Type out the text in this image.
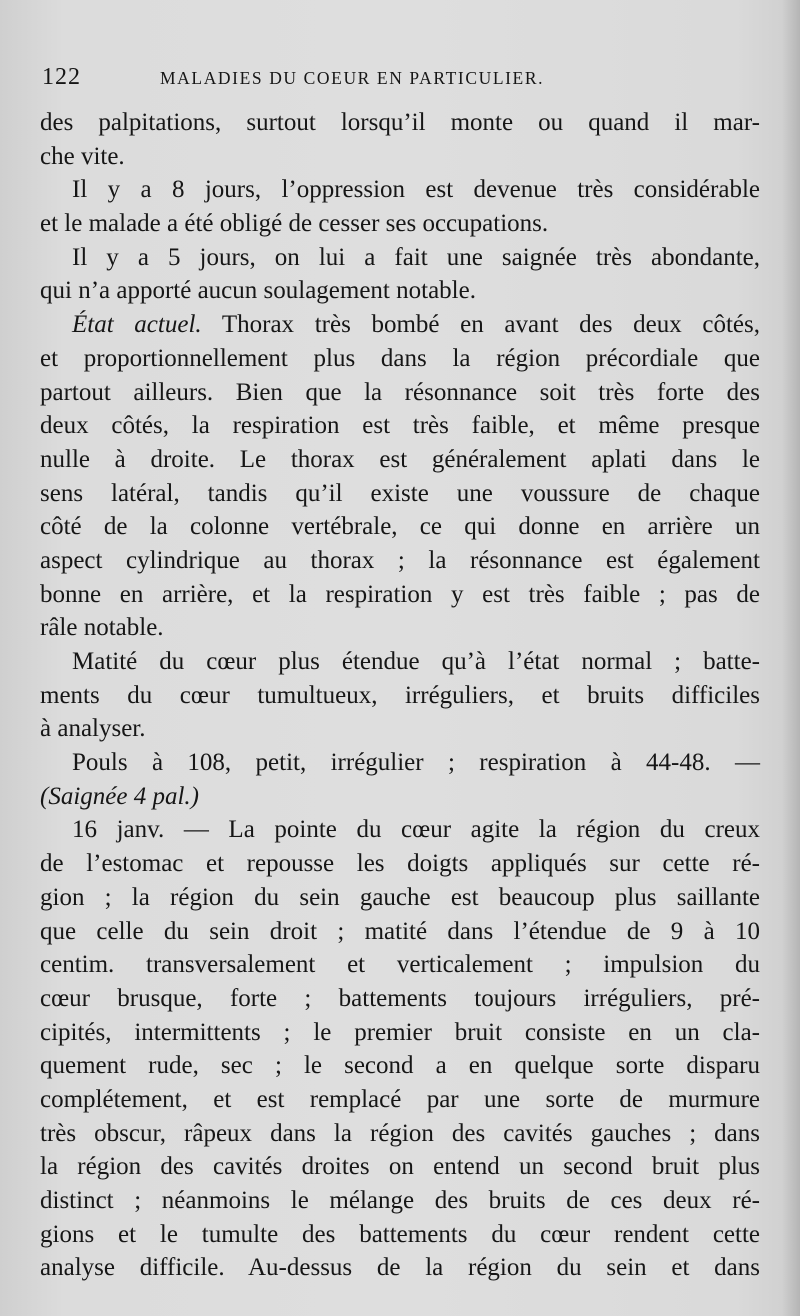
122	MALADIES DU COEUR EN PARTICULIER.
des palpitations, surtout lorsqu’il monte ou quand il mar-
che vite.
Il y a 8 jours, l’oppression est devenue très considérable
et le malade a été obligé de cesser ses occupations.
Il y a 5 jours, on lui a fait une saignée très abondante,
qui n’a apporté aucun soulagement notable.
État actuel. Thorax très bombé en avant des deux côtés,
et proportionnellement plus dans la région précordiale que
partout ailleurs. Bien que la résonnance soit très forte des
deux côtés, la respiration est très faible, et même presque
nulle à droite. Le thorax est généralement aplati dans le
sens latéral, tandis qu’il existe une voussure de chaque
côté de la colonne vertébrale, ce qui donne en arrière un
aspect cylindrique au thorax ; la résonnance est également
bonne en arrière, et la respiration y est très faible ; pas de
râle notable.
Matité du cœur plus étendue qu’à l’état normal ; batte-
ments du cœur tumultueux, irréguliers, et bruits difficiles
à analyser.
Pouls à 108, petit, irrégulier ; respiration à 44-48. —
(Saignée 4 pal.)
16 janv. — La pointe du cœur agite la région du creux
de l’estomac et repousse les doigts appliqués sur cette ré-
gion ; la région du sein gauche est beaucoup plus saillante
que celle du sein droit ; matité dans l’étendue de 9 à 10
centim. transversalement et verticalement ; impulsion du
cœur brusque, forte ; battements toujours irréguliers, pré-
cipités, intermittents ; le premier bruit consiste en un cla-
quement rude, sec ; le second a en quelque sorte disparu
complétement, et est remplacé par une sorte de murmure
très obscur, râpeux dans la région des cavités gauches ; dans
la région des cavités droites on entend un second bruit plus
distinct ; néanmoins le mélange des bruits de ces deux ré-
gions et le tumulte des battements du cœur rendent cette
analyse difficile. Au-dessus de la région du sein et dans
